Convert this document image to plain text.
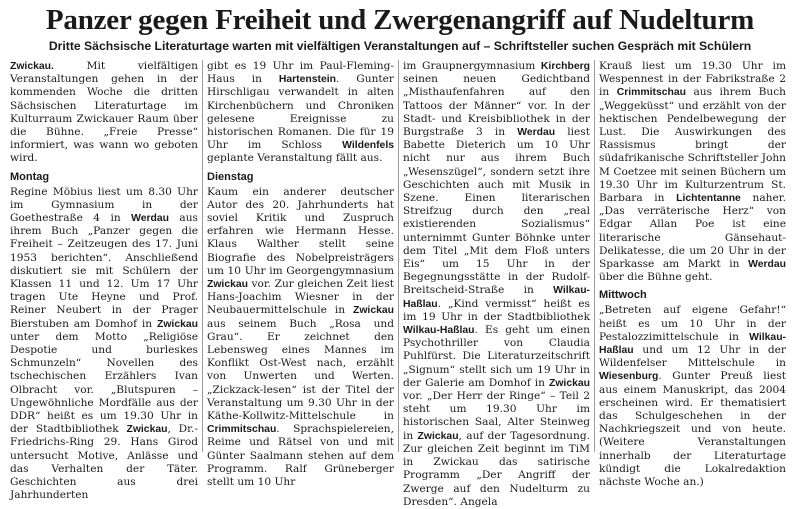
Panzer gegen Freiheit und Zwergenangriff auf Nudelturm
Dritte Sächsische Literaturtage warten mit vielfältigen Veranstaltungen auf – Schriftsteller suchen Gespräch mit Schülern

Zwickau. Mit vielfältigen Veranstaltungen gehen in der kommenden Woche die dritten Sächsischen Literaturtage im Kulturraum Zwickauer Raum über die Bühne. „Freie Presse“ informiert, was wann wo geboten wird.

Montag

Regine Möbius liest um 8.30 Uhr im Gymnasium in der Goethestraße 4 in Werdau aus ihrem Buch „Panzer gegen die Freiheit – Zeitzeugen des 17. Juni 1953 berichten“. Anschließend diskutiert sie mit Schülern der Klassen 11 und 12. Um 17 Uhr tragen Ute Heyne und Prof. Reiner Neubert in der Prager Bierstuben am Domhof in Zwickau unter dem Motto „Religiöse Despotie und burleskes Schmunzeln“ Novellen des tschechischen Erzählers Ivan Olbracht vor. „Blutspuren – Ungewöhnliche Mordfälle aus der DDR“ heißt es um 19.30 Uhr in der Stadtbibliothek Zwickau, Dr.-Friedrichs-Ring 29. Hans Girod untersucht Motive, Anlässe und das Verhalten der Täter. Geschichten aus drei Jahrhunderten

gibt es 19 Uhr im Paul-Fleming-Haus in Hartenstein. Gunter Hirschligau verwandelt in alten Kirchenbüchern und Chroniken gelesene Ereignisse zu historischen Romanen. Die für 19 Uhr im Schloss Wildenfels geplante Veranstaltung fällt aus.

Dienstag

Kaum ein anderer deutscher Autor des 20. Jahrhunderts hat soviel Kritik und Zuspruch erfahren wie Hermann Hesse. Klaus Walther stellt seine Biografie des Nobelpreisträgers um 10 Uhr im Georgengymnasium Zwickau vor. Zur gleichen Zeit liest Hans-Joachim Wiesner in der Neubauermittelschule in Zwickau aus seinem Buch „Rosa und Grau“. Er zeichnet den Lebensweg eines Mannes im Konflikt Ost-West nach, erzählt von Unwerten und Werten. „Zickzack-lesen“ ist der Titel der Veranstaltung um 9.30 Uhr in der Käthe-Kollwitz-Mittelschule in Crimmitschau. Sprachspielereien, Reime und Rätsel von und mit Günter Saalmann stehen auf dem Programm. Ralf Grüneberger stellt um 10 Uhr

im Graupnergymnasium Kirchberg seinen neuen Gedichtband „Misthaufenfahren auf den Tattoos der Männer“ vor. In der Stadt- und Kreisbibliothek in der Burgstraße 3 in Werdau liest Babette Dieterich um 10 Uhr nicht nur aus ihrem Buch „Wesenszügel“, sondern setzt ihre Geschichten auch mit Musik in Szene. Einen literarischen Streifzug durch den „real existierenden Sozialismus“ unternimmt Gunter Böhnke unter dem Titel „Mit dem Floß unters Eis“ um 15 Uhr in der Begegnungsstätte in der Rudolf-Breitscheid-Straße in Wilkau-Haßlau. „Kind vermisst“ heißt es im 19 Uhr in der Stadtbibliothek Wilkau-Haßlau. Es geht um einen Psychothriller von Claudia Puhlfürst. Die Literaturzeitschrift „Signum“ stellt sich um 19 Uhr in der Galerie am Domhof in Zwickau vor. „Der Herr der Ringe“ – Teil 2 steht um 19.30 Uhr im historischen Saal, Alter Steinweg in Zwickau, auf der Tagesordnung. Zur gleichen Zeit beginnt im TiM in Zwickau das satirische Programm „Der Angriff der Zwerge auf den Nudelturm zu Dresden“. Angela

Krauß liest um 19.30 Uhr im Wespennest in der Fabrikstraße 2 in Crimmitschau aus ihrem Buch „Weggeküsst“ und erzählt von der hektischen Pendelbewegung der Lust. Die Auswirkungen des Rassismus bringt der südafrikanische Schriftsteller John M Coetzee mit seinen Büchern um 19.30 Uhr im Kulturzentrum St. Barbara in Lichtentanne naher. „Das verräterische Herz“ von Edgar Allan Poe ist eine literarische Gänsehaut-Delikatesse, die um 20 Uhr in der Sparkasse am Markt in Werdau über die Bühne geht.

Mittwoch

„Betreten auf eigene Gefahr!“ heißt es um 10 Uhr in der Pestalozzimittelschule in Wilkau-Haßlau und um 12 Uhr in der Wildenfelser Mittelschule in Wiesenburg. Gunter Preuß liest aus einem Manuskript, das 2004 erscheinen wird. Er thematisiert das Schulgeschehen in der Nachkriegszeit und von heute. (Weitere Veranstaltungen innerhalb der Literaturtage kündigt die Lokalredaktion nächste Woche an.)
